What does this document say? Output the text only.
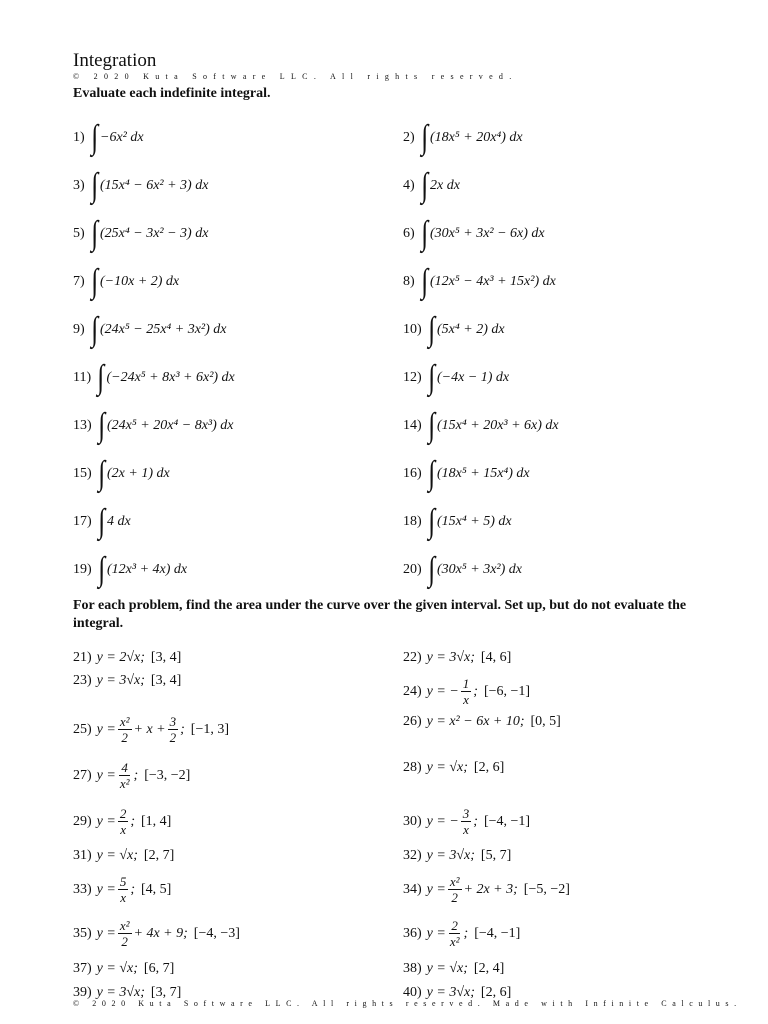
Integration
© 2020 Kuta Software LLC. All rights reserved.
Evaluate each indefinite integral.
1) ∫ −6x² dx	2) ∫ (18x⁵ + 20x⁴) dx
3) ∫ (15x⁴ − 6x² + 3) dx	4) ∫ 2x dx
5) ∫ (25x⁴ − 3x² − 3) dx	6) ∫ (30x⁵ + 3x² − 6x) dx
7) ∫ (−10x + 2) dx	8) ∫ (12x⁵ − 4x³ + 15x²) dx
9) ∫ (24x⁵ − 25x⁴ + 3x²) dx	10) ∫ (5x⁴ + 2) dx
11) ∫ (−24x⁵ + 8x³ + 6x²) dx	12) ∫ (−4x − 1) dx
13) ∫ (24x⁵ + 20x⁴ − 8x³) dx	14) ∫ (15x⁴ + 20x³ + 6x) dx
15) ∫ (2x + 1) dx	16) ∫ (18x⁵ + 15x⁴) dx
17) ∫ 4 dx	18) ∫ (15x⁴ + 5) dx
19) ∫ (12x³ + 4x) dx	20) ∫ (30x⁵ + 3x²) dx
For each problem, find the area under the curve over the given interval. Set up, but do not evaluate the integral.
21) y = 2√x; [3, 4]	22) y = 3√x; [4, 6]
23) y = 3√x; [3, 4]
24) y = − $\frac{1}{x}$ ; [−6, −1]
25) $y = \frac{\text{x²}}{2} + x + \frac{3}{2}$ ; [−1, 3]	26) y = x² − 6x + 10; [0, 5]
27) $y = \frac{4}{\text{x²}}$ ; [−3, −2]	28) y = √x; [2, 6]
29) $y = \frac{2}{x}$ ; [1, 4]	30) y = − $\frac{3}{x}$ ; [−4, −1]
31) y = √x; [2, 7]	32) y = 3√x; [5, 7]
33) $y = \frac{5}{x}$ ; [4, 5]	34) $y = \frac{\text{x²}}{2} + 2x + 3$; [−5, −2]
35) $y = \frac{\text{x²}}{2} + 4x + 9$; [−4, −3]	36) $y = \frac{2}{\text{x²}}$ ; [−4, −1]
37) y = √x; [6, 7]	38) y = √x; [2, 4]
39) y = 3√x; [3, 7]	40) y = 3√x; [2, 6]
© 2020 Kuta Software LLC. All rights reserved. Made with Infinite Calculus.
